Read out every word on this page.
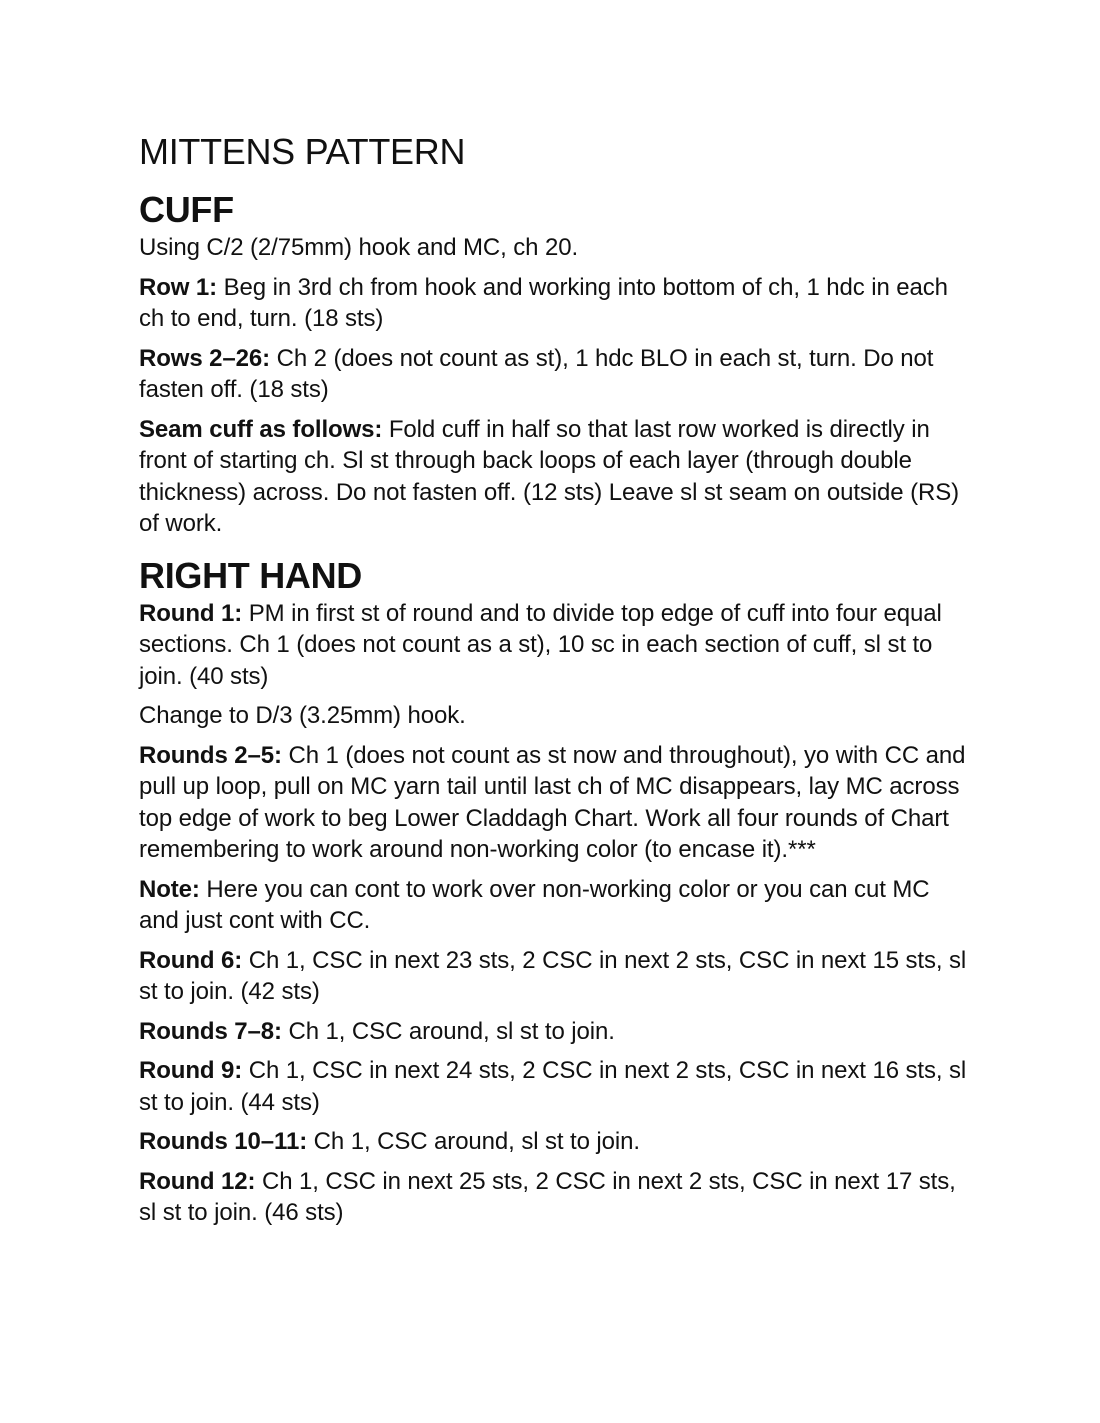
MITTENS PATTERN
CUFF

Using C/2 (2/75mm) hook and MC, ch 20.

Row 1: Beg in 3rd ch from hook and working into bottom of ch, 1 hdc in each ch to end, turn. (18 sts)

Rows 2–26: Ch 2 (does not count as st), 1 hdc BLO in each st, turn. Do not fasten off. (18 sts)

Seam cuff as follows: Fold cuff in half so that last row worked is directly in front of starting ch. Sl st through back loops of each layer (through double thickness) across. Do not fasten off. (12 sts) Leave sl st seam on outside (RS) of work.

RIGHT HAND

Round 1: PM in first st of round and to divide top edge of cuff into four equal sections. Ch 1 (does not count as a st), 10 sc in each section of cuff, sl st to join. (40 sts)

Change to D/3 (3.25mm) hook.

Rounds 2–5: Ch 1 (does not count as st now and throughout), yo with CC and pull up loop, pull on MC yarn tail until last ch of MC disappears, lay MC across top edge of work to beg Lower Claddagh Chart. Work all four rounds of Chart remembering to work around non-working color (to encase it).***

Note: Here you can cont to work over non-working color or you can cut MC and just cont with CC.

Round 6: Ch 1, CSC in next 23 sts, 2 CSC in next 2 sts, CSC in next 15 sts, sl st to join. (42 sts)

Rounds 7–8: Ch 1, CSC around, sl st to join.

Round 9: Ch 1, CSC in next 24 sts, 2 CSC in next 2 sts, CSC in next 16 sts, sl st to join. (44 sts)

Rounds 10–11: Ch 1, CSC around, sl st to join.

Round 12: Ch 1, CSC in next 25 sts, 2 CSC in next 2 sts, CSC in next 17 sts, sl st to join. (46 sts)
